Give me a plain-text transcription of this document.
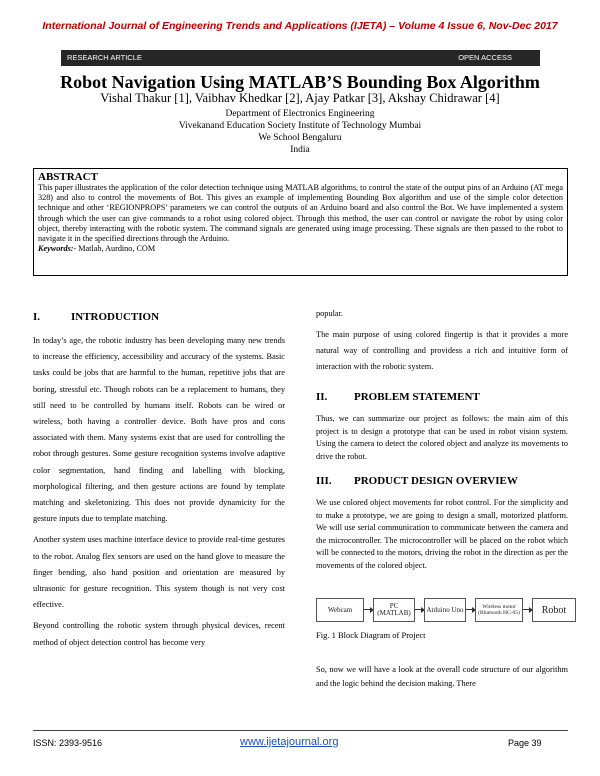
International Journal of Engineering Trends and Applications (IJETA) – Volume 4 Issue 6, Nov-Dec 2017
RESEARCH ARTICLE	OPEN ACCESS
Robot Navigation Using MATLAB’S Bounding Box Algorithm
Vishal Thakur [1], Vaibhav Khedkar [2], Ajay Patkar [3], Akshay Chidrawar [4]
Department of Electronics Engineering
Vivekanand Education Society Institute of Technology Mumbai
We School Bengaluru
India
ABSTRACT
This paper illustrates the application of the color detection technique using MATLAB algorithms, to control the state of the output pins of an Arduino (AT mega 328) and also to control the movements of Bot. This gives an example of implementing Bounding Box algorithm and use of the simple color detection technique and other ‘REGIONPROPS’ parameters we can control the outputs of an Arduino board and also control the Bot. We have implemented a system through which the user can give commands to a robot using colored object. Through this method, the user can control or navigate the robot by using color object, thereby interacting with the robotic system. The command signals are generated using image processing. These signals are then passed to the robot to navigate it in the specified directions through the Arduino.
Keywords:- Matlab, Aurdino, COM
I.	INTRODUCTION

In today’s age, the robotic industry has been developing many new trends to increase the efficiency, accessibility and accuracy of the systems. Basic tasks could be jobs that are harmful to the human, repetitive jobs that are boring, stressful etc. Though robots can be a replacement to humans, they still need to be controlled by humans itself. Robots can be wired or wireless, both having a controller device. Both have pros and cons associated with them. Many systems exist that are used for controlling the robot through gestures. Some gesture recognition systems involve adaptive color segmentation, hand finding and labelling with blocking, morphological filtering, and then gesture actions are found by template matching and skeletonizing. This does not provide dynamicity for the gesture inputs due to template matching.

Another system uses machine interface device to provide real-time gestures to the robot. Analog flex sensors are used on the hand glove to measure the finger bending, also hand position and orientation are measured by ultrasonic for gesture recognition. This system though is not very cost effective.

Beyond controlling the robotic system through physical devices, recent method of object detection control has become very

popular.

The main purpose of using colored fingertip is that it provides a more natural way of controlling and providess a rich and intuitive form of interaction with the robotic system.

II. PROBLEM STATEMENT

Thus, we can summarize our project as follows: the main aim of this project is to design a prototype that can be used in robot vision system. Using the camera to detect the colored object and analyze its movements to drive the robot.

III. PRODUCT DESIGN OVERVIEW

We use colored object movements for robot control. For the simplicity and to make a prototype, we are going to design a small, motorized platform. We will use serial communication to communicate between the camera and the microcontroller. The microcontroller will be placed on the robot which will be connected to the motors, driving the robot in the direction as per the movements of the colored object.

Webcam	PC (MATLAB)	Arduino Uno	Wireless motor (Bluetooth HC-05)	Robot
Fig. 1 Block Diagram of Project

So, now we will have a look at the overall code structure of our algorithm and the logic behind the decision making. There

ISSN: 2393-9516	www.ijetajournal.org	Page 39
